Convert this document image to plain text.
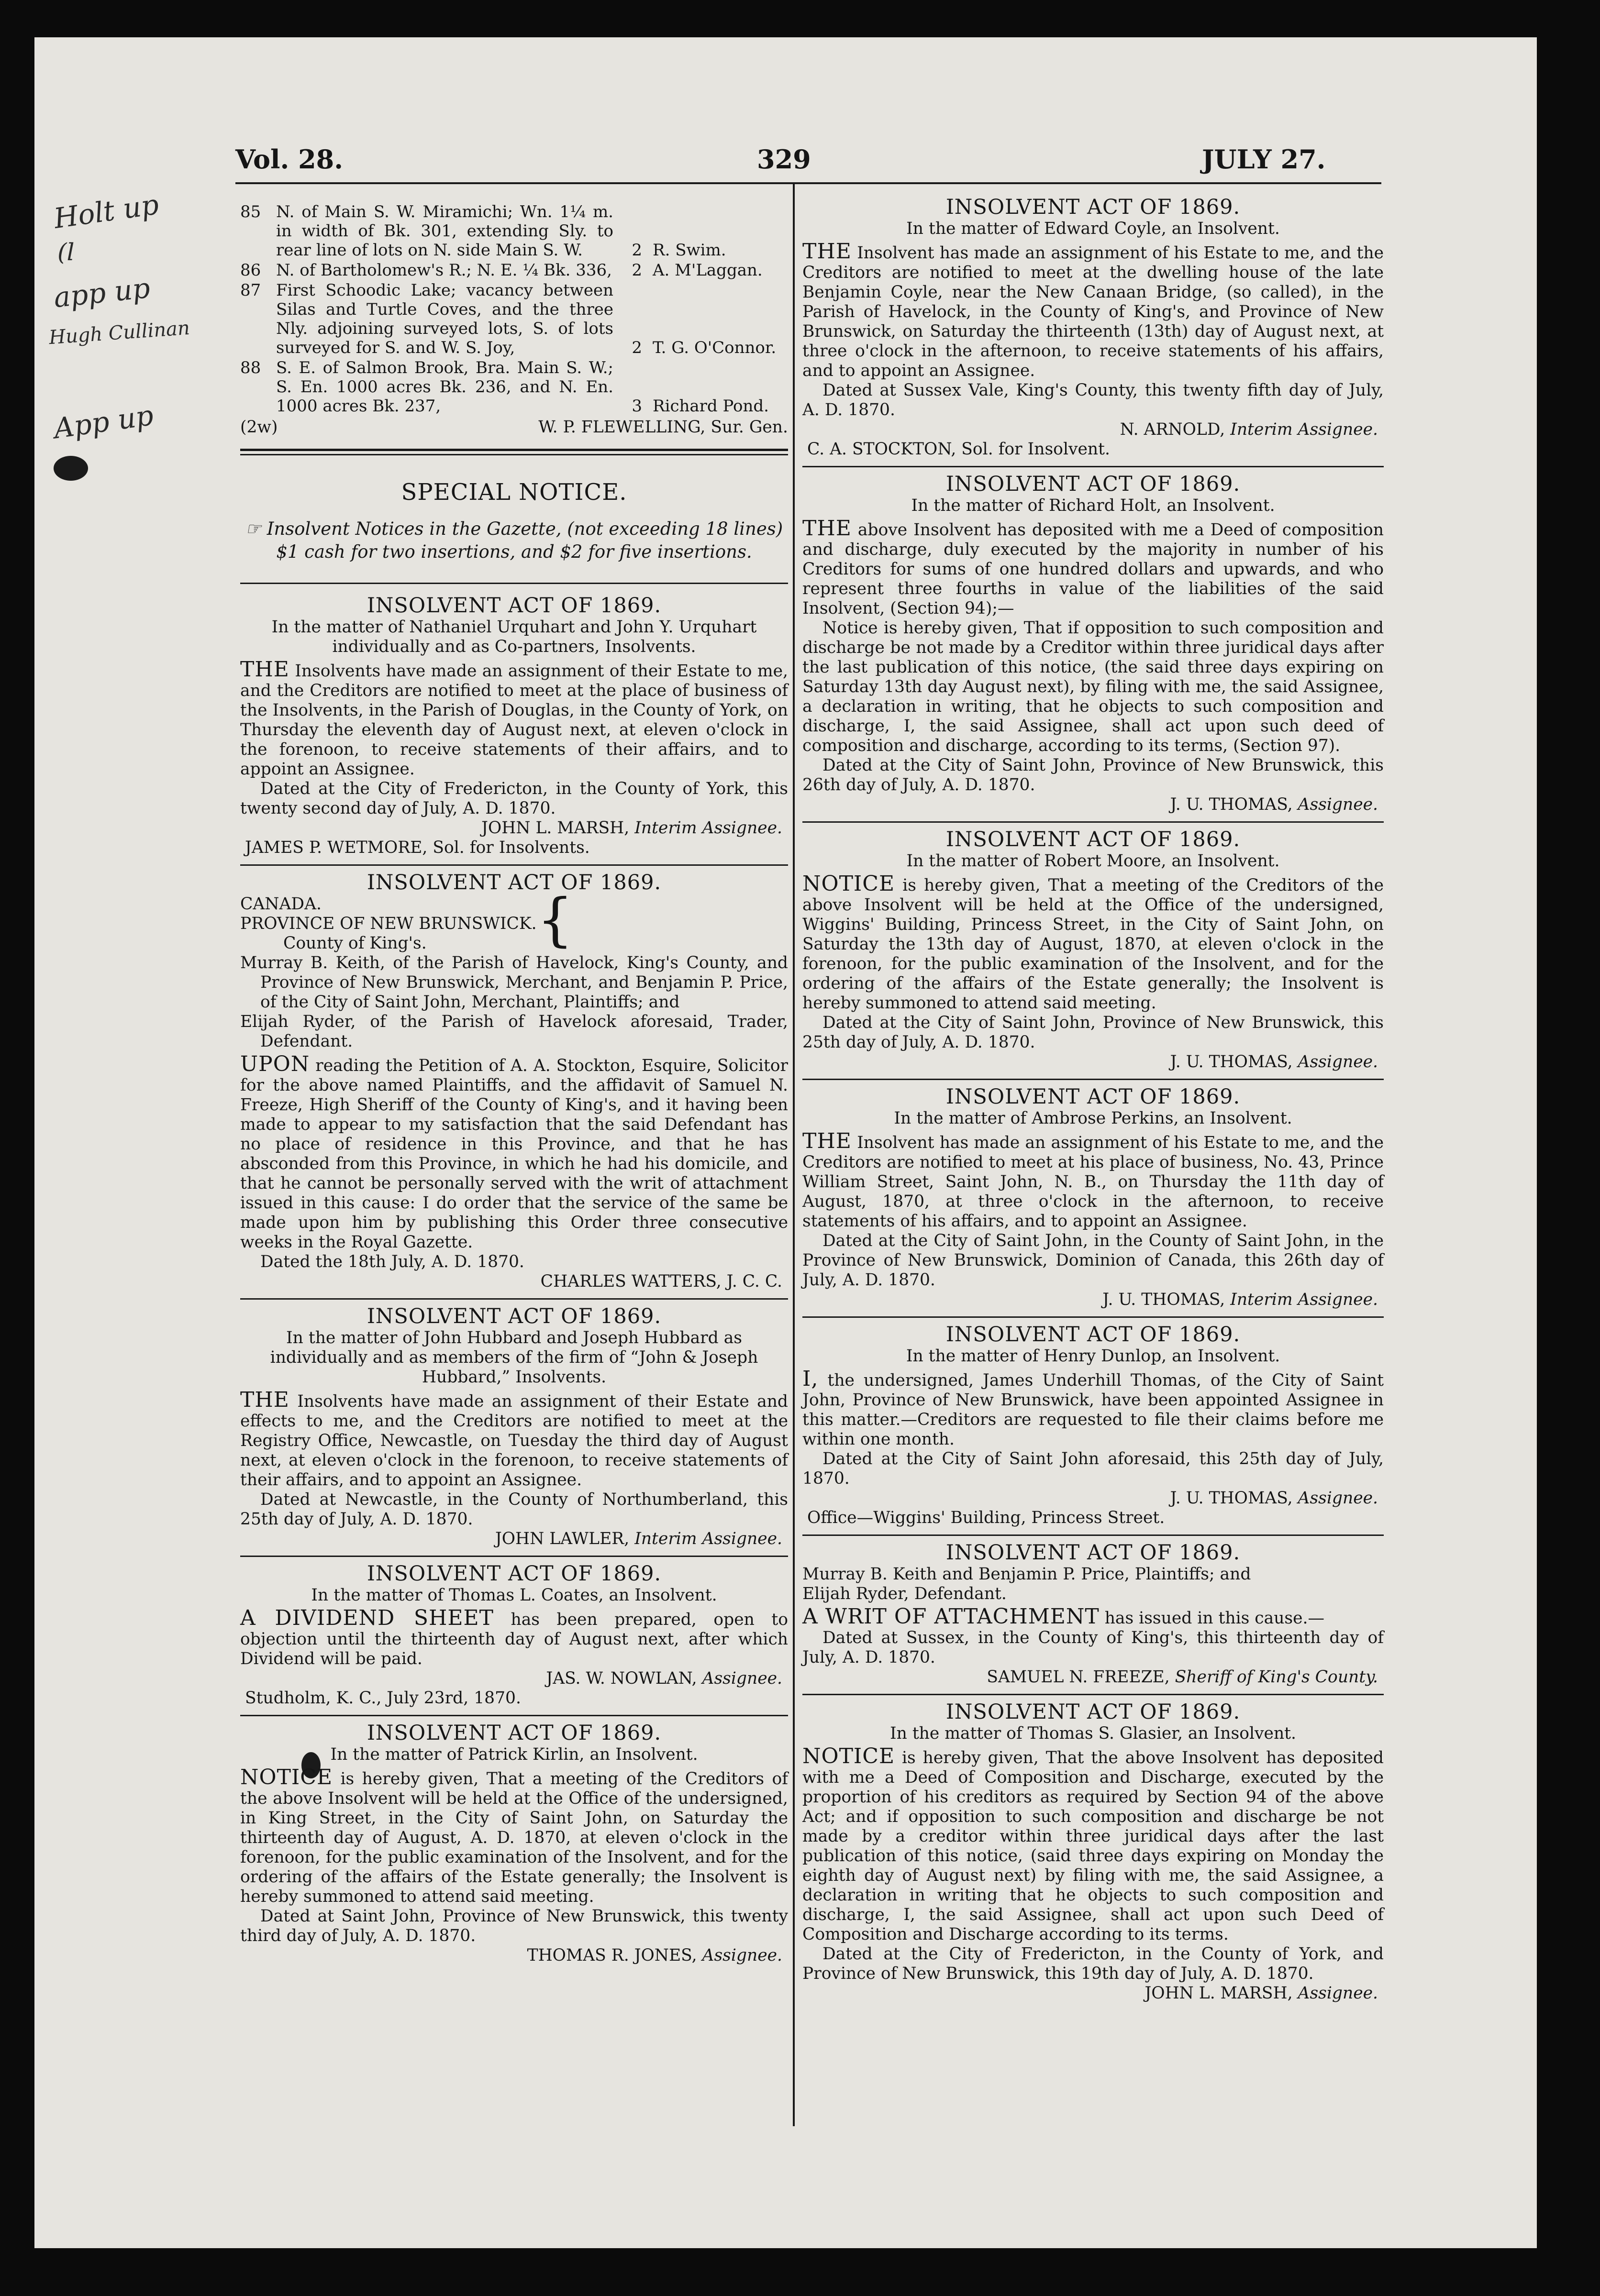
Vol. 28.	329	JULY 27.
Holt up
(l
app up
Hugh Cullinan
App up
85 N. of Main S. W. Miramichi; Wn. 1¼ m. in width of Bk. 301, extending Sly. to rear line of lots on N. side Main S. W.	2 R. Swim.
86 N. of Bartholomew's R.; N. E. ¼ Bk. 336,	2 A. M'Laggan.
87 First Schoodic Lake; vacancy between Silas and Turtle Coves, and the three Nly. adjoining surveyed lots, S. of lots surveyed for S. and W. S. Joy,	2 T. G. O'Connor.
88 S. E. of Salmon Brook, Bra. Main S. W.; S. En. 1000 acres Bk. 236, and N. En. 1000 acres Bk. 237,	3 Richard Pond.
(2w)	W. P. FLEWELLING, Sur. Gen.

SPECIAL NOTICE.

☞ Insolvent Notices in the Gazette, (not exceeding 18 lines)

$1 cash for two insertions, and $2 for five insertions.

INSOLVENT ACT OF 1869.

In the matter of Nathaniel Urquhart and John Y. Urquhart individually and as Co-partners, Insolvents.

THE Insolvents have made an assignment of their Estate to me, and the Creditors are notified to meet at the place of business of the Insolvents, in the Parish of Douglas, in the County of York, on Thursday the eleventh day of August next, at eleven o'clock in the forenoon, to receive statements of their affairs, and to appoint an Assignee.

Dated at the City of Fredericton, in the County of York, this twenty second day of July, A. D. 1870.

JOHN L. MARSH, Interim Assignee.

JAMES P. WETMORE, Sol. for Insolvents.

INSOLVENT ACT OF 1869.

CANADA.

PROVINCE OF NEW BRUNSWICK.

County of King's.	{

Murray B. Keith, of the Parish of Havelock, King's County, and Province of New Brunswick, Merchant, and Benjamin P. Price, of the City of Saint John, Merchant, Plaintiffs; and

Elijah Ryder, of the Parish of Havelock aforesaid, Trader, Defendant.

UPON reading the Petition of A. A. Stockton, Esquire, Solicitor for the above named Plaintiffs, and the affidavit of Samuel N. Freeze, High Sheriff of the County of King's, and it having been made to appear to my satisfaction that the said Defendant has no place of residence in this Province, and that he has absconded from this Province, in which he had his domicile, and that he cannot be personally served with the writ of attachment issued in this cause: I do order that the service of the same be made upon him by publishing this Order three consecutive weeks in the Royal Gazette.

Dated the 18th July, A. D. 1870.

CHARLES WATTERS, J. C. C.

INSOLVENT ACT OF 1869.

In the matter of John Hubbard and Joseph Hubbard as individually and as members of the firm of “John & Joseph Hubbard,” Insolvents.

THE Insolvents have made an assignment of their Estate and effects to me, and the Creditors are notified to meet at the Registry Office, Newcastle, on Tuesday the third day of August next, at eleven o'clock in the forenoon, to receive statements of their affairs, and to appoint an Assignee.

Dated at Newcastle, in the County of Northumberland, this 25th day of July, A. D. 1870.

JOHN LAWLER, Interim Assignee.

INSOLVENT ACT OF 1869.

In the matter of Thomas L. Coates, an Insolvent.

A DIVIDEND SHEET has been prepared, open to objection until the thirteenth day of August next, after which Dividend will be paid.

JAS. W. NOWLAN, Assignee.

Studholm, K. C., July 23rd, 1870.

INSOLVENT ACT OF 1869.

In the matter of Patrick Kirlin, an Insolvent.

NOTICE is hereby given, That a meeting of the Creditors of the above Insolvent will be held at the Office of the undersigned, in King Street, in the City of Saint John, on Saturday the thirteenth day of August, A. D. 1870, at eleven o'clock in the forenoon, for the public examination of the Insolvent, and for the ordering of the affairs of the Estate generally; the Insolvent is hereby summoned to attend said meeting.

Dated at Saint John, Province of New Brunswick, this twenty third day of July, A. D. 1870.

THOMAS R. JONES, Assignee.

INSOLVENT ACT OF 1869.

In the matter of Edward Coyle, an Insolvent.

THE Insolvent has made an assignment of his Estate to me, and the Creditors are notified to meet at the dwelling house of the late Benjamin Coyle, near the New Canaan Bridge, (so called), in the Parish of Havelock, in the County of King's, and Province of New Brunswick, on Saturday the thirteenth (13th) day of August next, at three o'clock in the afternoon, to receive statements of his affairs, and to appoint an Assignee.

Dated at Sussex Vale, King's County, this twenty fifth day of July, A. D. 1870.

N. ARNOLD, Interim Assignee.

C. A. STOCKTON, Sol. for Insolvent.

INSOLVENT ACT OF 1869.

In the matter of Richard Holt, an Insolvent.

THE above Insolvent has deposited with me a Deed of composition and discharge, duly executed by the majority in number of his Creditors for sums of one hundred dollars and upwards, and who represent three fourths in value of the liabilities of the said Insolvent, (Section 94);—

Notice is hereby given, That if opposition to such composition and discharge be not made by a Creditor within three juridical days after the last publication of this notice, (the said three days expiring on Saturday 13th day August next), by filing with me, the said Assignee, a declaration in writing, that he objects to such composition and discharge, I, the said Assignee, shall act upon such deed of composition and discharge, according to its terms, (Section 97).

Dated at the City of Saint John, Province of New Brunswick, this 26th day of July, A. D. 1870.

J. U. THOMAS, Assignee.

INSOLVENT ACT OF 1869.

In the matter of Robert Moore, an Insolvent.

NOTICE is hereby given, That a meeting of the Creditors of the above Insolvent will be held at the Office of the undersigned, Wiggins' Building, Princess Street, in the City of Saint John, on Saturday the 13th day of August, 1870, at eleven o'clock in the forenoon, for the public examination of the Insolvent, and for the ordering of the affairs of the Estate generally; the Insolvent is hereby summoned to attend said meeting.

Dated at the City of Saint John, Province of New Brunswick, this 25th day of July, A. D. 1870.

J. U. THOMAS, Assignee.

INSOLVENT ACT OF 1869.

In the matter of Ambrose Perkins, an Insolvent.

THE Insolvent has made an assignment of his Estate to me, and the Creditors are notified to meet at his place of business, No. 43, Prince William Street, Saint John, N. B., on Thursday the 11th day of August, 1870, at three o'clock in the afternoon, to receive statements of his affairs, and to appoint an Assignee.

Dated at the City of Saint John, in the County of Saint John, in the Province of New Brunswick, Dominion of Canada, this 26th day of July, A. D. 1870.

J. U. THOMAS, Interim Assignee.

INSOLVENT ACT OF 1869.

In the matter of Henry Dunlop, an Insolvent.

I, the undersigned, James Underhill Thomas, of the City of Saint John, Province of New Brunswick, have been appointed Assignee in this matter.—Creditors are requested to file their claims before me within one month.

Dated at the City of Saint John aforesaid, this 25th day of July, 1870.

J. U. THOMAS, Assignee.

Office—Wiggins' Building, Princess Street.

INSOLVENT ACT OF 1869.

Murray B. Keith and Benjamin P. Price, Plaintiffs; and

Elijah Ryder, Defendant.

A WRIT OF ATTACHMENT has issued in this cause.—

Dated at Sussex, in the County of King's, this thirteenth day of July, A. D. 1870.

SAMUEL N. FREEZE, Sheriff of King's County.

INSOLVENT ACT OF 1869.

In the matter of Thomas S. Glasier, an Insolvent.

NOTICE is hereby given, That the above Insolvent has deposited with me a Deed of Composition and Discharge, executed by the proportion of his creditors as required by Section 94 of the above Act; and if opposition to such composition and discharge be not made by a creditor within three juridical days after the last publication of this notice, (said three days expiring on Monday the eighth day of August next) by filing with me, the said Assignee, a declaration in writing that he objects to such composition and discharge, I, the said Assignee, shall act upon such Deed of Composition and Discharge according to its terms.

Dated at the City of Fredericton, in the County of York, and Province of New Brunswick, this 19th day of July, A. D. 1870.

JOHN L. MARSH, Assignee.
